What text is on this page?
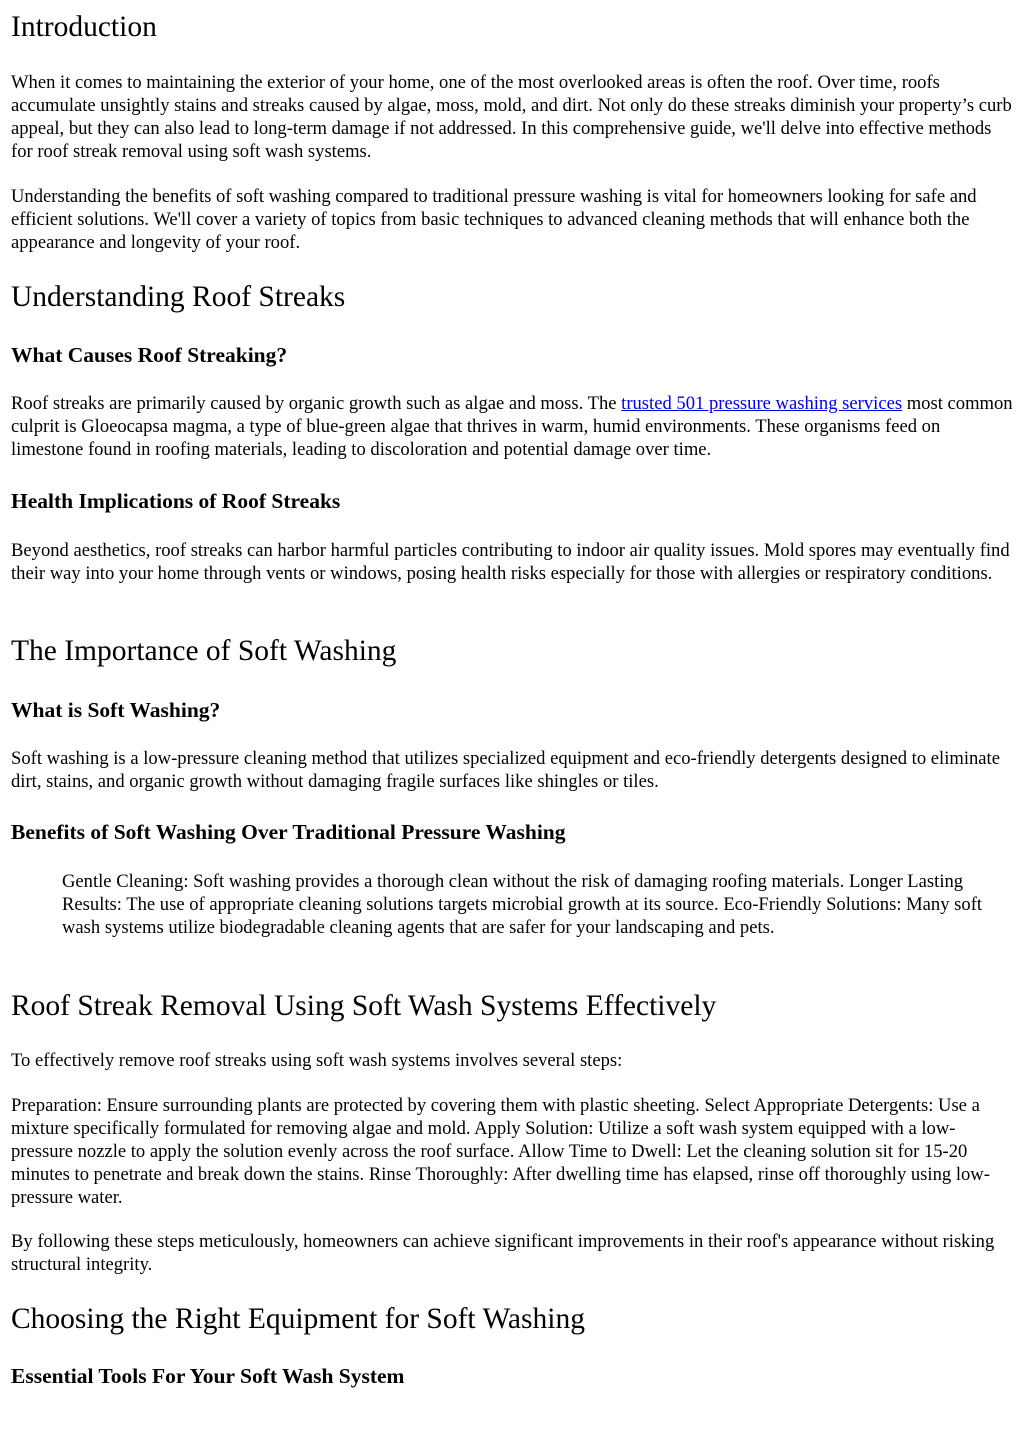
Introduction

When it comes to maintaining the exterior of your home, one of the most overlooked areas is often the roof. Over time, roofs accumulate unsightly stains and streaks caused by algae, moss, mold, and dirt. Not only do these streaks diminish your property’s curb appeal, but they can also lead to long-term damage if not addressed. In this comprehensive guide, we'll delve into effective methods for roof streak removal using soft wash systems.

Understanding the benefits of soft washing compared to traditional pressure washing is vital for homeowners looking for safe and efficient solutions. We'll cover a variety of topics from basic techniques to advanced cleaning methods that will enhance both the appearance and longevity of your roof.

Understanding Roof Streaks
What Causes Roof Streaking?

Roof streaks are primarily caused by organic growth such as algae and moss. The trusted 501 pressure washing services most common culprit is Gloeocapsa magma, a type of blue-green algae that thrives in warm, humid environments. These organisms feed on limestone found in roofing materials, leading to discoloration and potential damage over time.

Health Implications of Roof Streaks

Beyond aesthetics, roof streaks can harbor harmful particles contributing to indoor air quality issues. Mold spores may eventually find their way into your home through vents or windows, posing health risks especially for those with allergies or respiratory conditions.

The Importance of Soft Washing
What is Soft Washing?

Soft washing is a low-pressure cleaning method that utilizes specialized equipment and eco-friendly detergents designed to eliminate dirt, stains, and organic growth without damaging fragile surfaces like shingles or tiles.

Benefits of Soft Washing Over Traditional Pressure Washing

Gentle Cleaning: Soft washing provides a thorough clean without the risk of damaging roofing materials. Longer Lasting Results: The use of appropriate cleaning solutions targets microbial growth at its source. Eco-Friendly Solutions: Many soft wash systems utilize biodegradable cleaning agents that are safer for your landscaping and pets.

Roof Streak Removal Using Soft Wash Systems Effectively

To effectively remove roof streaks using soft wash systems involves several steps:

Preparation: Ensure surrounding plants are protected by covering them with plastic sheeting. Select Appropriate Detergents: Use a mixture specifically formulated for removing algae and mold. Apply Solution: Utilize a soft wash system equipped with a low-pressure nozzle to apply the solution evenly across the roof surface. Allow Time to Dwell: Let the cleaning solution sit for 15-20 minutes to penetrate and break down the stains. Rinse Thoroughly: After dwelling time has elapsed, rinse off thoroughly using low-pressure water.

By following these steps meticulously, homeowners can achieve significant improvements in their roof's appearance without risking structural integrity.

Choosing the Right Equipment for Soft Washing
Essential Tools For Your Soft Wash System
